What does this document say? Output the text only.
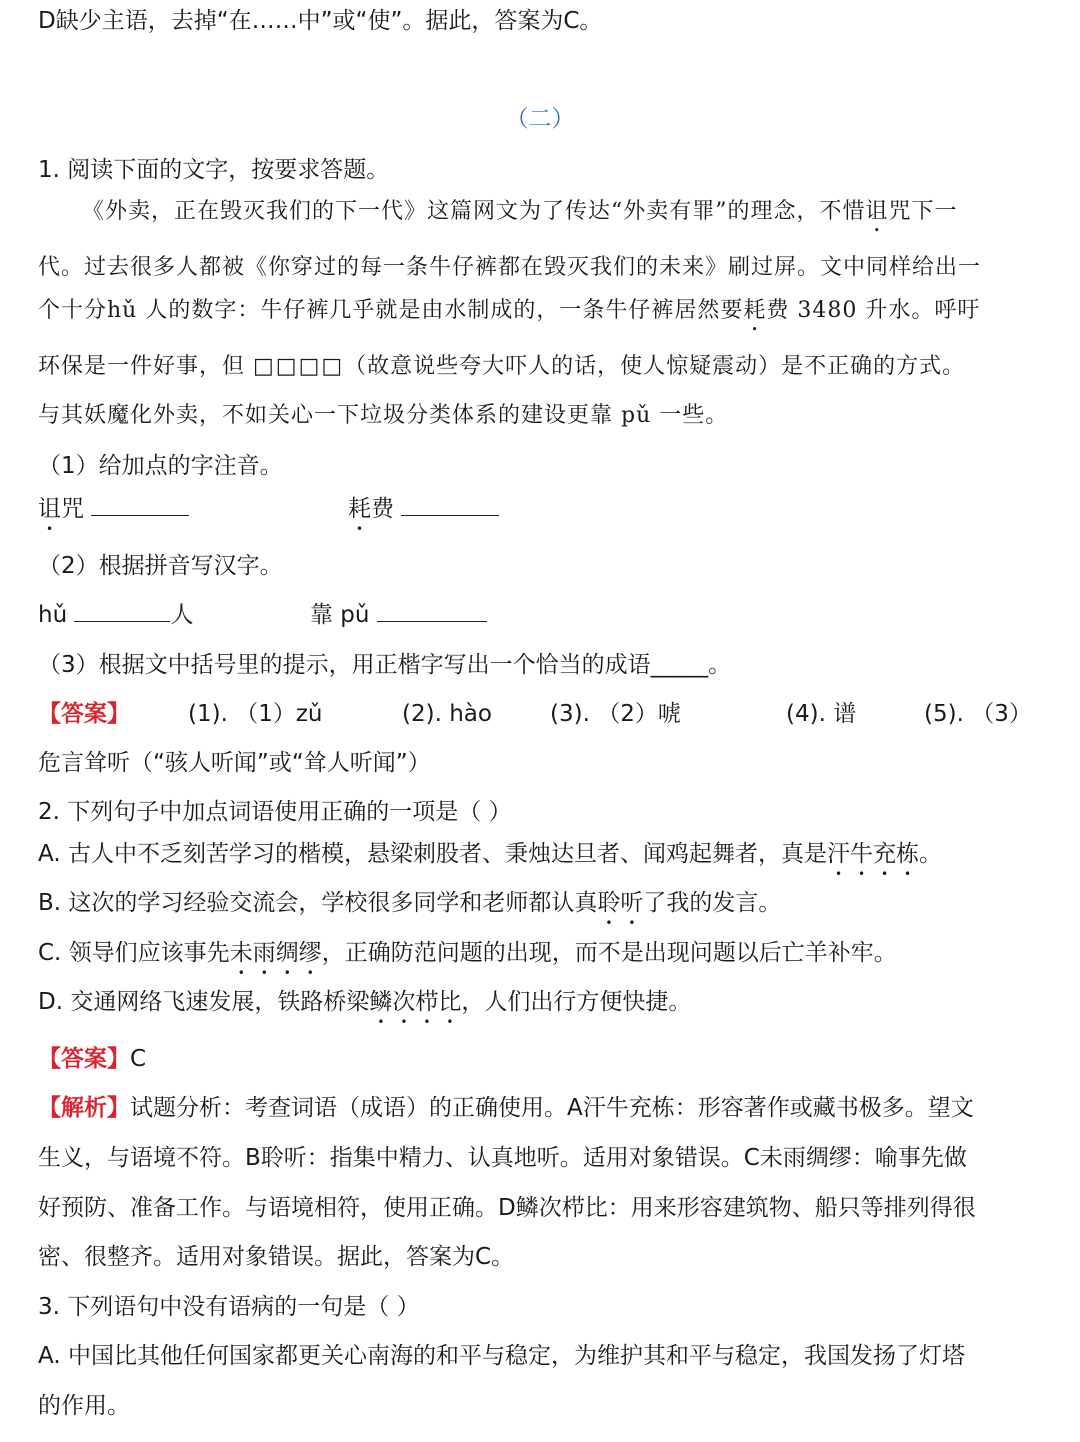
D缺少主语，去掉“在……中”或“使”。据此，答案为C。
（二）
1. 阅读下面的文字，按要求答题。
《外卖，正在毁灭我们的下一代》这篇网文为了传达“外卖有罪”的理念，不惜诅咒下一
代。过去很多人都被《你穿过的每一条牛仔裤都在毁灭我们的未来》刷过屏。文中同样给出一
个十分hǔ 人的数字：牛仔裤几乎就是由水制成的，一条牛仔裤居然要耗费 3480 升水。呼吁
环保是一件好事，但 □□□□（故意说些夸大吓人的话，使人惊疑震动）是不正确的方式。
与其妖魔化外卖，不如关心一下垃圾分类体系的建设更靠 pǔ 一些。
（1）给加点的字注音。
诅咒	耗费
（2）根据拼音写汉字。
hǔ	人	靠 pǔ
（3）根据文中括号里的提示，用正楷字写出一个恰当的成语_____。
【答案】	(1). （1）zǔ	(2). hào	(3). （2）唬	(4). 谱	(5). （3）
危言耸听（“骇人听闻”或“耸人听闻”）
2. 下列句子中加点词语使用正确的一项是（ ）
A. 古人中不乏刻苦学习的楷模，悬梁刺股者、秉烛达旦者、闻鸡起舞者，真是汗牛充栋。
B. 这次的学习经验交流会，学校很多同学和老师都认真聆听了我的发言。
C. 领导们应该事先未雨绸缪，正确防范问题的出现，而不是出现问题以后亡羊补牢。
D. 交通网络飞速发展，铁路桥梁鳞次栉比，人们出行方便快捷。
【答案】C
【解析】试题分析：考查词语（成语）的正确使用。A汗牛充栋：形容著作或藏书极多。望文
生义，与语境不符。B聆听：指集中精力、认真地听。适用对象错误。C未雨绸缪：喻事先做
好预防、准备工作。与语境相符，使用正确。D鳞次栉比：用来形容建筑物、船只等排列得很
密、很整齐。适用对象错误。据此，答案为C。
3. 下列语句中没有语病的一句是（ ）
A. 中国比其他任何国家都更关心南海的和平与稳定，为维护其和平与稳定，我国发扬了灯塔
的作用。
